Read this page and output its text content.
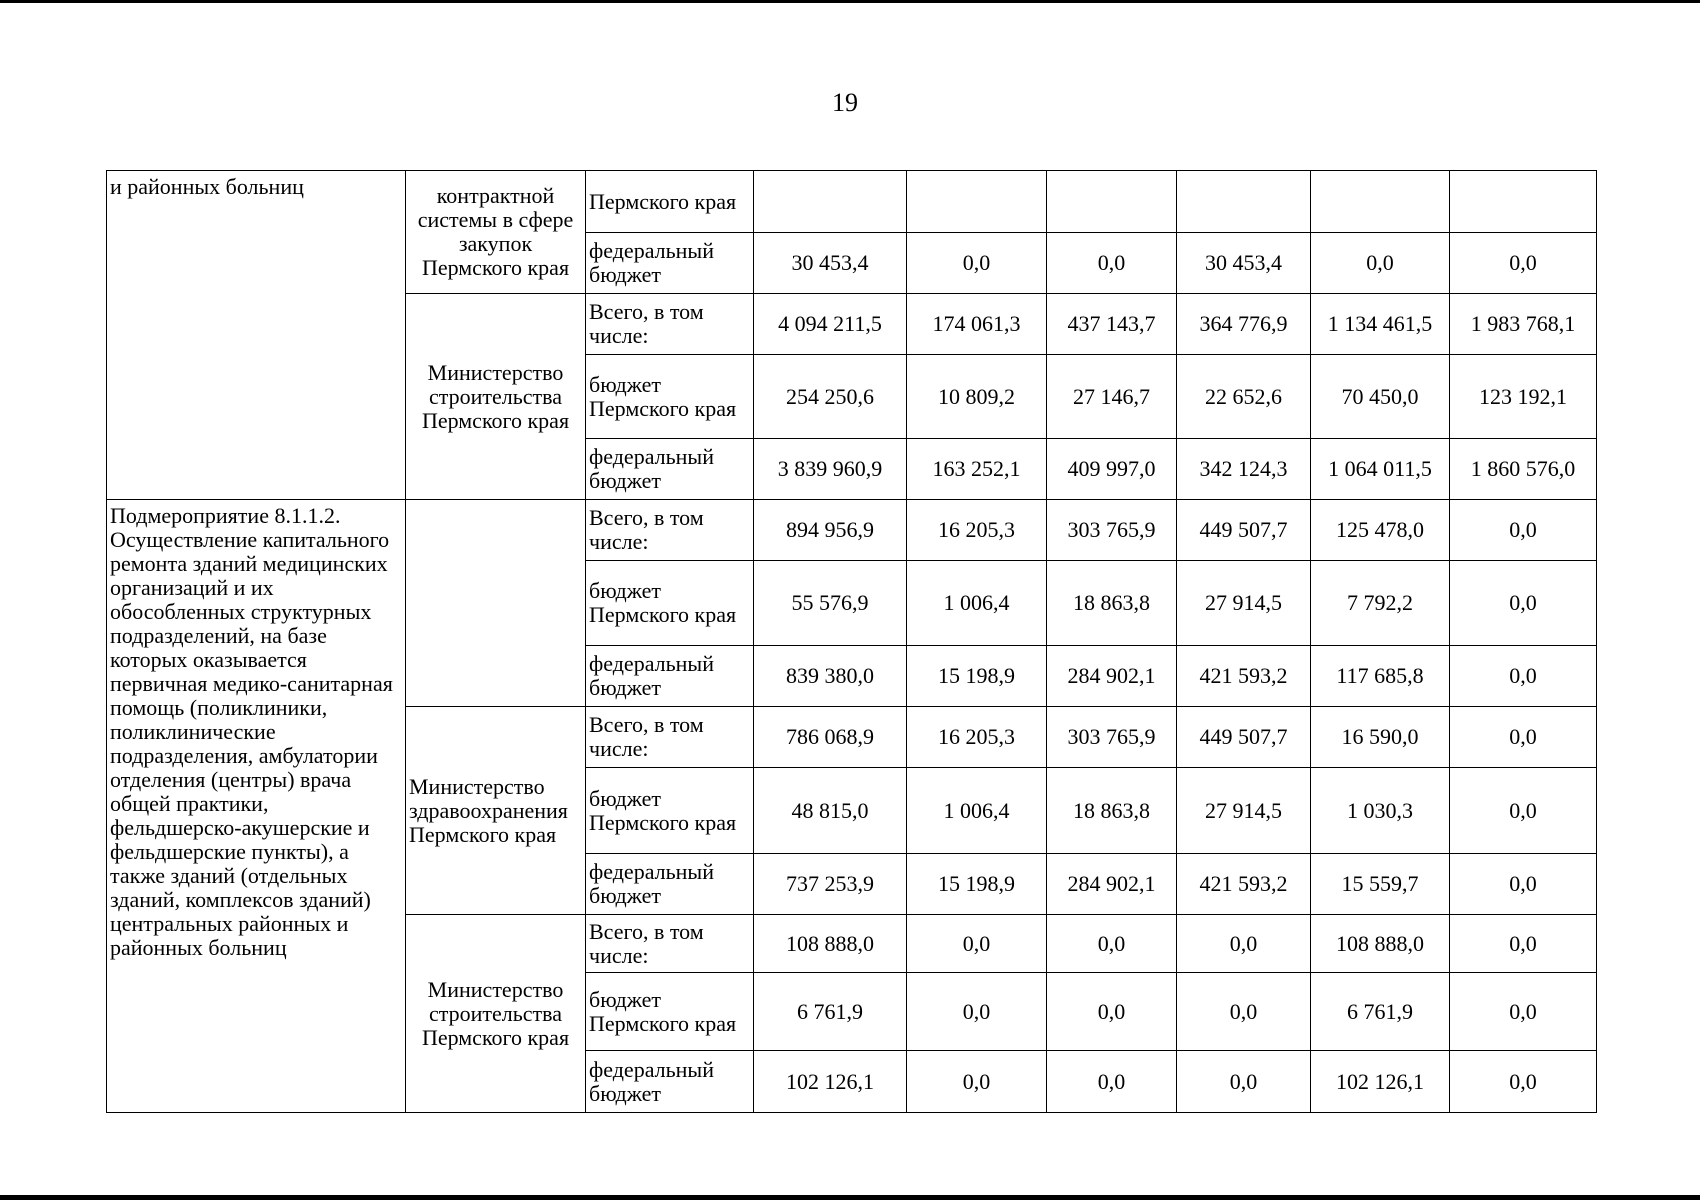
19
и районных больниц	контрактной системы в сфере закупок Пермского края	Пермского края						
		федеральный бюджет	30 453,4	0,0	0,0	30 453,4	0,0	0,0
	Министерство строительства Пермского края	Всего, в том числе:	4 094 211,5	174 061,3	437 143,7	364 776,9	1 134 461,5	1 983 768,1
		бюджет Пермского края	254 250,6	10 809,2	27 146,7	22 652,6	70 450,0	123 192,1
		федеральный бюджет	3 839 960,9	163 252,1	409 997,0	342 124,3	1 064 011,5	1 860 576,0
Подмероприятие 8.1.1.2. Осуществление капитального ремонта зданий медицинских организаций и их обособленных структурных подразделений, на базе которых оказывается первичная медико-санитарная помощь (поликлиники, поликлинические подразделения, амбулатории отделения (центры) врача общей практики, фельдшерско-акушерские и фельдшерские пункты), а также зданий (отдельных зданий, комплексов зданий) центральных районных и районных больниц		Всего, в том числе:	894 956,9	16 205,3	303 765,9	449 507,7	125 478,0	0,0
		бюджет Пермского края	55 576,9	1 006,4	18 863,8	27 914,5	7 792,2	0,0
		федеральный бюджет	839 380,0	15 198,9	284 902,1	421 593,2	117 685,8	0,0
	Министерство здравоохранения Пермского края	Всего, в том числе:	786 068,9	16 205,3	303 765,9	449 507,7	16 590,0	0,0
		бюджет Пермского края	48 815,0	1 006,4	18 863,8	27 914,5	1 030,3	0,0
		федеральный бюджет	737 253,9	15 198,9	284 902,1	421 593,2	15 559,7	0,0
	Министерство строительства Пермского края	Всего, в том числе:	108 888,0	0,0	0,0	0,0	108 888,0	0,0
		бюджет Пермского края	6 761,9	0,0	0,0	0,0	6 761,9	0,0
		федеральный бюджет	102 126,1	0,0	0,0	0,0	102 126,1	0,0
